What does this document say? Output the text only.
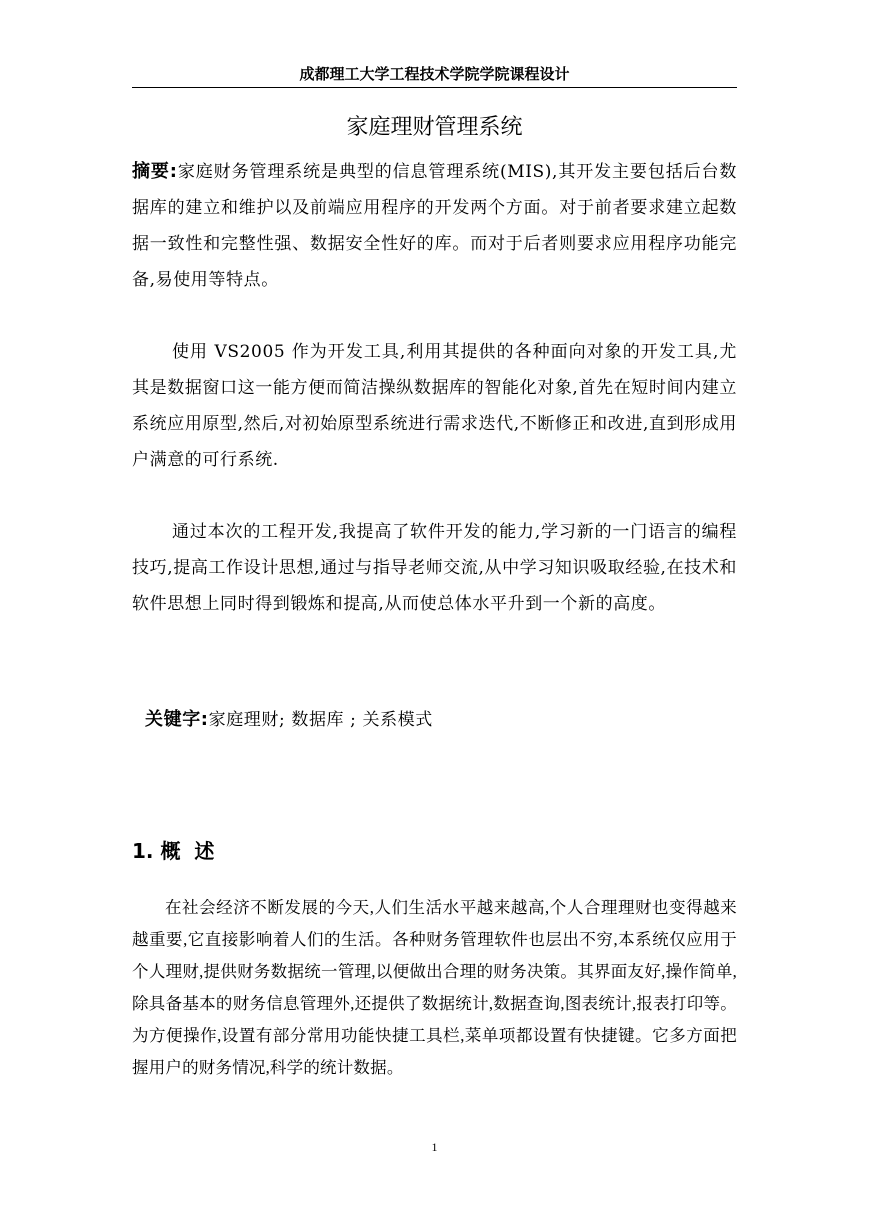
成都理工大学工程技术学院学院课程设计
家庭理财管理系统

摘要:家庭财务管理系统是典型的信息管理系统(MIS),其开发主要包括后台数据库的建立和维护以及前端应用程序的开发两个方面。对于前者要求建立起数据一致性和完整性强、数据安全性好的库。而对于后者则要求应用程序功能完备,易使用等特点。

使用 VS2005 作为开发工具,利用其提供的各种面向对象的开发工具,尤其是数据窗口这一能方便而简洁操纵数据库的智能化对象,首先在短时间内建立系统应用原型,然后,对初始原型系统进行需求迭代,不断修正和改进,直到形成用户满意的可行系统.

通过本次的工程开发,我提高了软件开发的能力,学习新的一门语言的编程技巧,提高工作设计思想,通过与指导老师交流,从中学习知识吸取经验,在技术和软件思想上同时得到锻炼和提高,从而使总体水平升到一个新的高度。

关键字:家庭理财; 数据库 ; 关系模式
1. 概  述

在社会经济不断发展的今天,人们生活水平越来越高,个人合理理财也变得越来越重要,它直接影响着人们的生活。各种财务管理软件也层出不穷,本系统仅应用于个人理财,提供财务数据统一管理,以便做出合理的财务决策。其界面友好,操作简单,除具备基本的财务信息管理外,还提供了数据统计,数据查询,图表统计,报表打印等。为方便操作,设置有部分常用功能快捷工具栏,菜单项都设置有快捷键。它多方面把握用户的财务情况,科学的统计数据。

1
